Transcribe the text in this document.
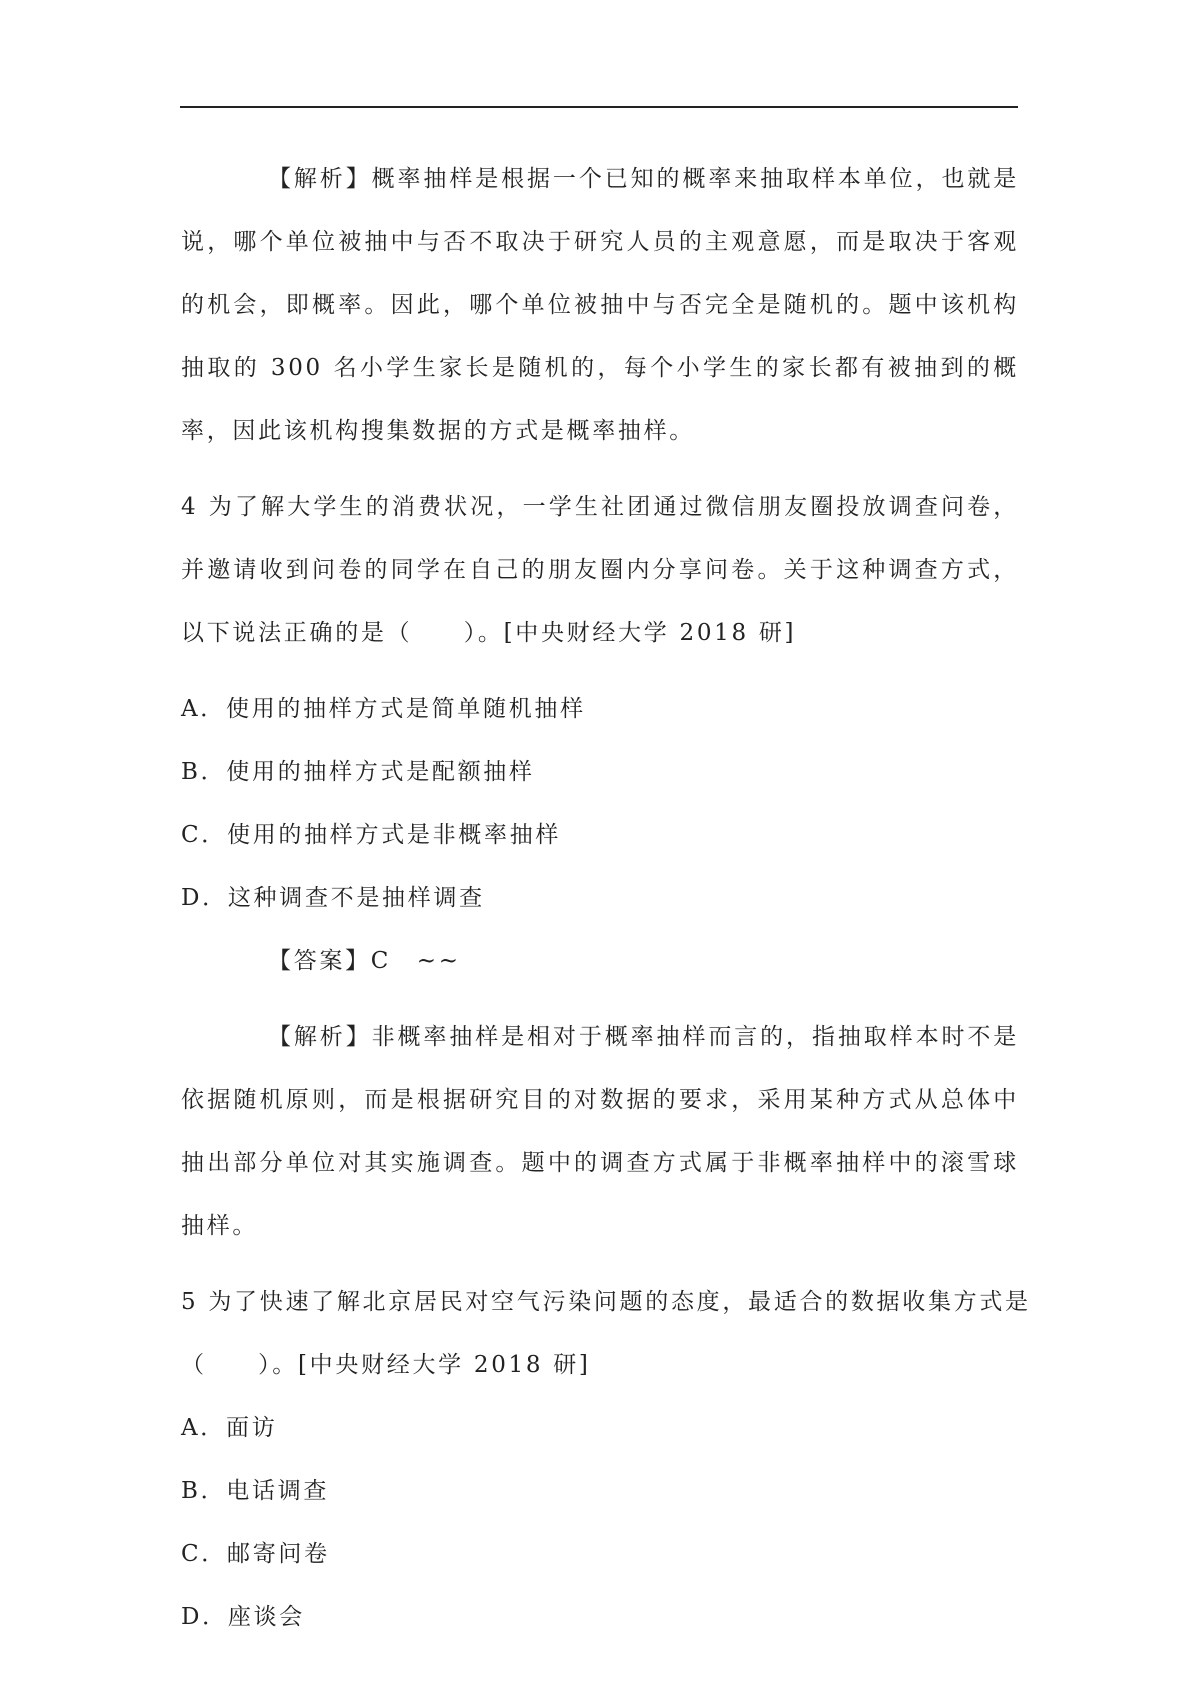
【解析】概率抽样是根据一个已知的概率来抽取样本单位，也就是说，哪个单位被抽中与否不取决于研究人员的主观意愿，而是取决于客观的机会，即概率。因此，哪个单位被抽中与否完全是随机的。题中该机构抽取的 300 名小学生家长是随机的，每个小学生的家长都有被抽到的概率，因此该机构搜集数据的方式是概率抽样。

4 为了解大学生的消费状况，一学生社团通过微信朋友圈投放调查问卷，并邀请收到问卷的同学在自己的朋友圈内分享问卷。关于这种调查方式，以下说法正确的是（　　）。[中央财经大学 2018 研]

A．使用的抽样方式是简单随机抽样

B．使用的抽样方式是配额抽样

C．使用的抽样方式是非概率抽样

D．这种调查不是抽样调查

【答案】C　~~

【解析】非概率抽样是相对于概率抽样而言的，指抽取样本时不是依据随机原则，而是根据研究目的对数据的要求，采用某种方式从总体中抽出部分单位对其实施调查。题中的调查方式属于非概率抽样中的滚雪球抽样。

5 为了快速了解北京居民对空气污染问题的态度，最适合的数据收集方式是

（　　）。[中央财经大学 2018 研]

A．面访

B．电话调查

C．邮寄问卷

D．座谈会
